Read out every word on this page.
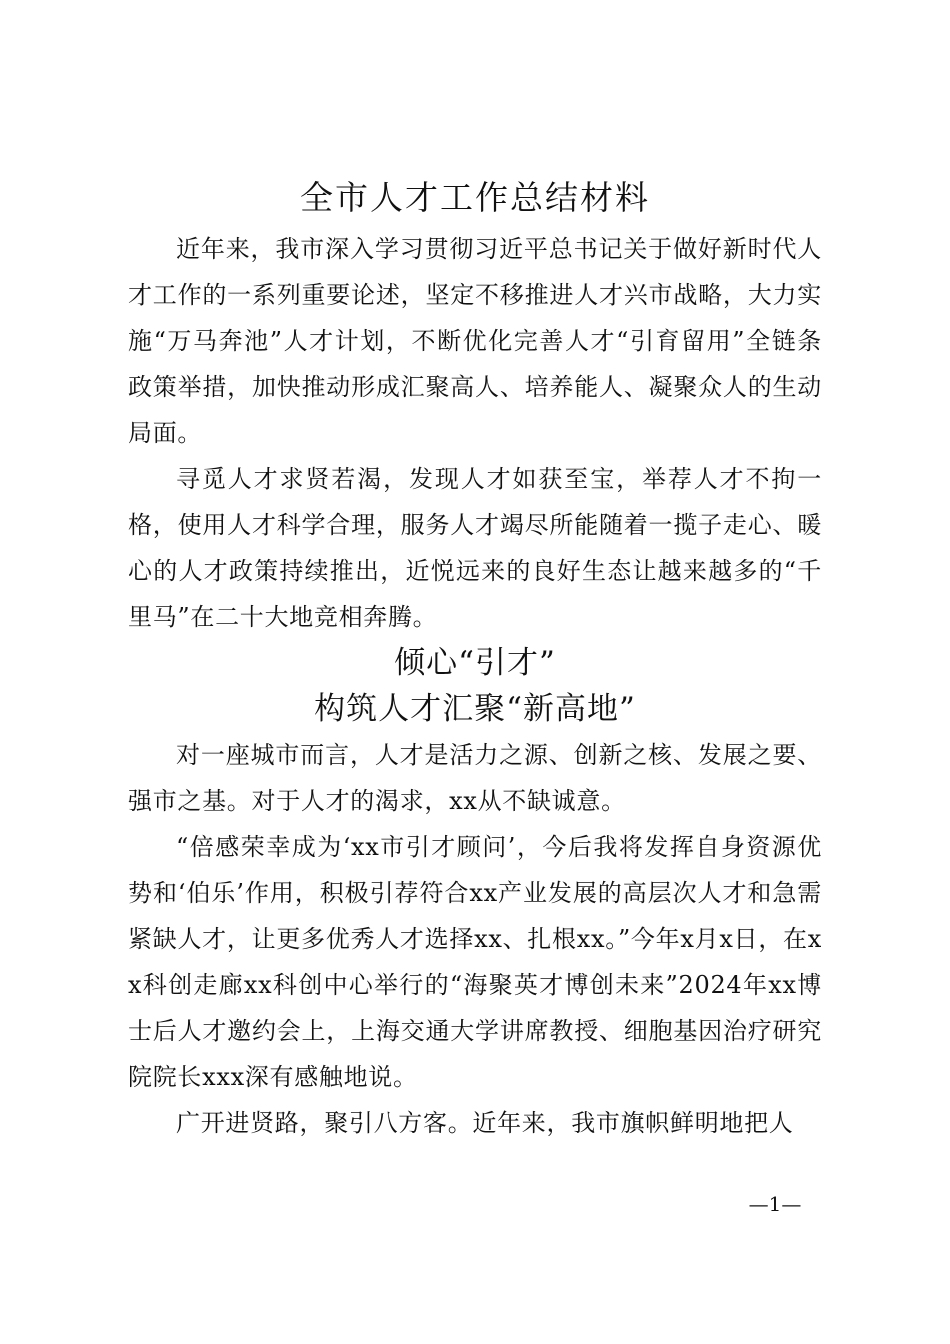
全市人才工作总结材料

近年来，我市深入学习贯彻习近平总书记关于做好新时代人才工作的一系列重要论述，坚定不移推进人才兴市战略，大力实施“万马奔池”人才计划，不断优化完善人才“引育留用”全链条政策举措，加快推动形成汇聚高人、培养能人、凝聚众人的生动局面。

寻觅人才求贤若渴，发现人才如获至宝，举荐人才不拘一格，使用人才科学合理，服务人才竭尽所能随着一揽子走心、暖心的人才政策持续推出，近悦远来的良好生态让越来越多的“千里马”在二十大地竞相奔腾。

倾心“引才”
构筑人才汇聚“新高地”

对一座城市而言，人才是活力之源、创新之核、发展之要、强市之基。对于人才的渴求，xx从不缺诚意。

“倍感荣幸成为‘xx市引才顾问’，今后我将发挥自身资源优势和‘伯乐’作用，积极引荐符合xx产业发展的高层次人才和急需紧缺人才，让更多优秀人才选择xx、扎根xx。”今年x月x日，在xx科创走廊xx科创中心举行的“海聚英才博创未来”2024年xx博士后人才邀约会上，上海交通大学讲席教授、细胞基因治疗研究院院长xxx深有感触地说。

广开进贤路，聚引八方客。近年来，我市旗帜鲜明地把人

—1—
